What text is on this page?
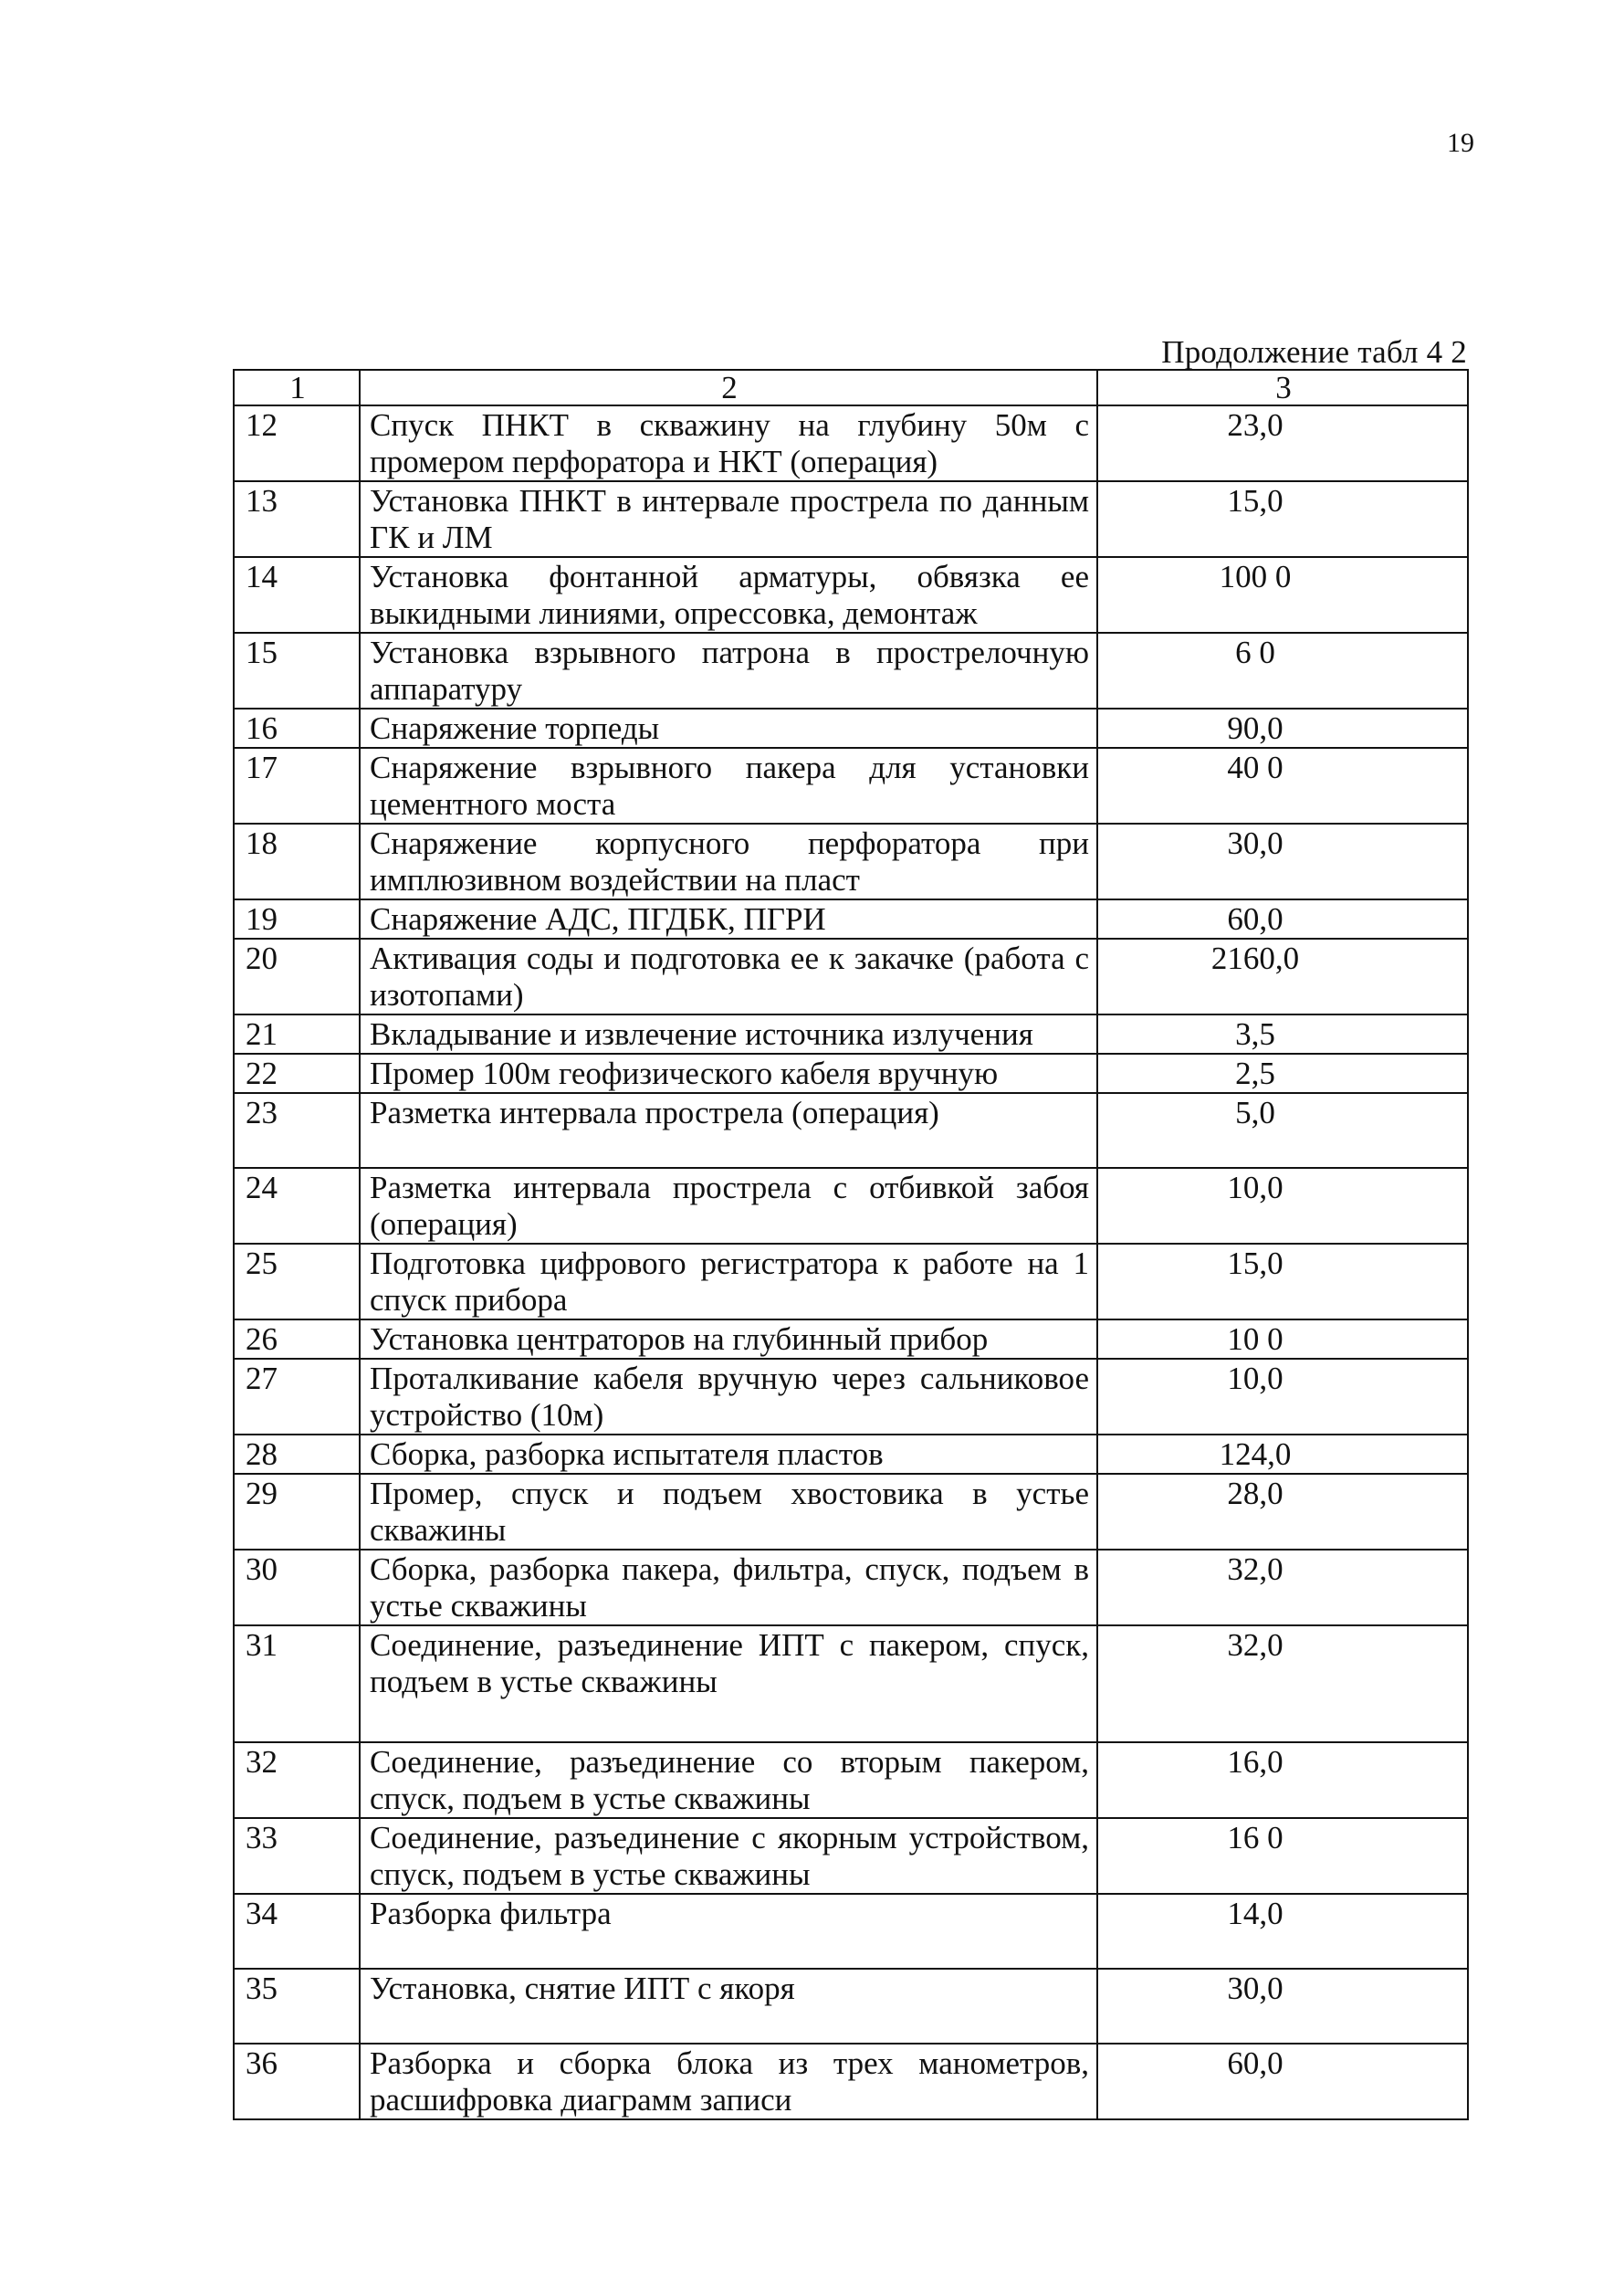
19
Продолжение табл 4 2
1	2	3
12	Спуск ПНКТ в скважину на глубину 50м с промером перфоратора и НКТ (операция)	23,0
13	Установка ПНКТ в интервале прострела по данным ГК и ЛМ	15,0
14	Установка фонтанной арматуры, обвязка ее выкидными линиями, опрессовка, демонтаж	100 0
15	Установка взрывного патрона в прострелочную аппаратуру	6 0
16	Снаряжение торпеды	90,0
17	Снаряжение взрывного пакера для установки цементного моста	40 0
18	Снаряжение корпусного перфоратора при имплюзивном воздействии на пласт	30,0
19	Снаряжение АДС, ПГДБК, ПГРИ	60,0
20	Активация соды и подготовка ее к закачке (работа с изотопами)	2160,0
21	Вкладывание и извлечение источника излучения	3,5
22	Промер 100м геофизического кабеля вручную	2,5
23	Разметка интервала прострела (операция)	5,0
24	Разметка интервала прострела с отбивкой забоя (операция)	10,0
25	Подготовка цифрового регистратора к работе на 1 спуск прибора	15,0
26	Установка центраторов на глубинный прибор	10 0
27	Проталкивание кабеля вручную через сальниковое устройство (10м)	10,0
28	Сборка, разборка испытателя пластов	124,0
29	Промер, спуск и подъем хвостовика в устье скважины	28,0
30	Сборка, разборка пакера, фильтра, спуск, подъем в устье скважины	32,0
31	Соединение, разъединение ИПТ с пакером, спуск, подъем в устье скважины	32,0
32	Соединение, разъединение со вторым пакером, спуск, подъем в устье скважины	16,0
33	Соединение, разъединение с якорным устройством, спуск, подъем в устье скважины	16 0
34	Разборка фильтра	14,0
35	Установка, снятие ИПТ с якоря	30,0
36	Разборка и сборка блока из трех манометров, расшифровка диаграмм записи	60,0
